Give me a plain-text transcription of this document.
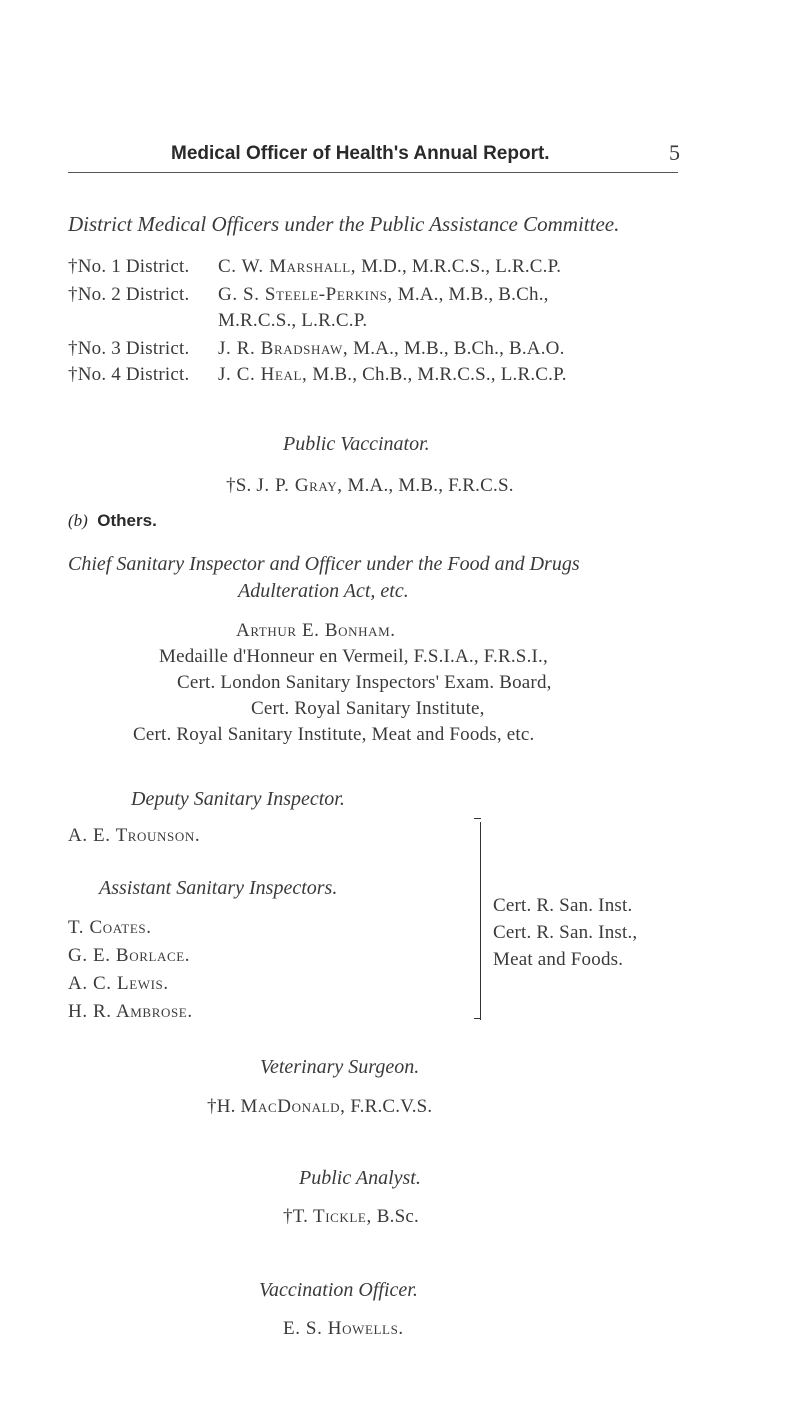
Medical Officer of Health's Annual Report.	5
District Medical Officers under the Public Assistance Committee.
†No. 1 District. C. W. Marshall, M.D., M.R.C.S., L.R.C.P.
†No. 2 District. G. S. Steele-Perkins, M.A., M.B., B.Ch.,
M.R.C.S., L.R.C.P.
†No. 3 District. J. R. Bradshaw, M.A., M.B., B.Ch., B.A.O.
†No. 4 District. J. C. Heal, M.B., Ch.B., M.R.C.S., L.R.C.P.
Public Vaccinator.
†S. J. P. Gray, M.A., M.B., F.R.C.S.
(b) Others.
Chief Sanitary Inspector and Officer under the Food and Drugs
Adulteration Act, etc.
Arthur E. Bonham.
Medaille d'Honneur en Vermeil, F.S.I.A., F.R.S.I.,
Cert. London Sanitary Inspectors' Exam. Board,
Cert. Royal Sanitary Institute,
Cert. Royal Sanitary Institute, Meat and Foods, etc.
Deputy Sanitary Inspector.
A. E. Trounson.
Assistant Sanitary Inspectors.
T. Coates.
G. E. Borlace.
A. C. Lewis.
H. R. Ambrose.
Cert. R. San. Inst.
Cert. R. San. Inst.,
Meat and Foods.
Veterinary Surgeon.
†H. MacDonald, F.R.C.V.S.
Public Analyst.
†T. Tickle, B.Sc.
Vaccination Officer.
E. S. Howells.
